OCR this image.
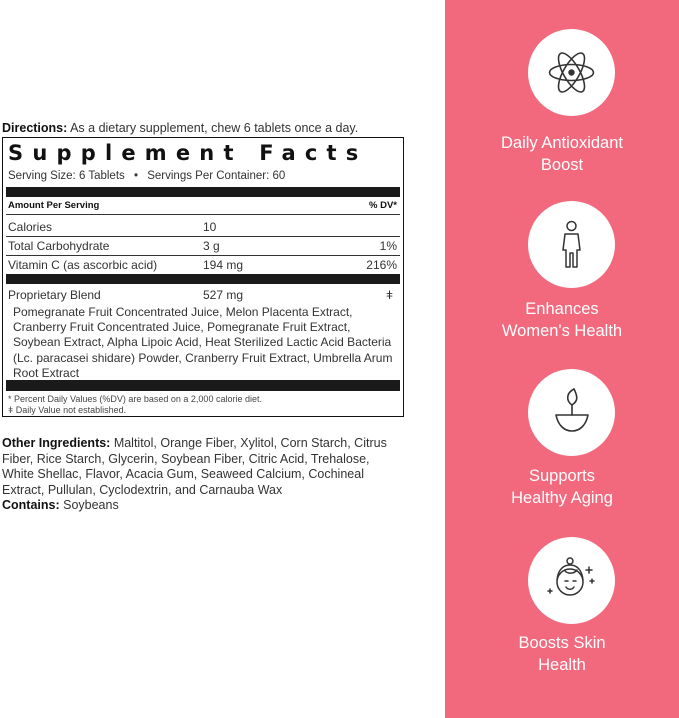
Directions: As a dietary supplement, chew 6 tablets once a day.
Supplement Facts
Serving Size: 6 Tablets • Servings Per Container: 60
Amount Per Serving	% DV*
Calories	10
Total Carbohydrate	3 g	1%
Vitamin C (as ascorbic acid)	194 mg	216%
Proprietary Blend	527 mg	ǂ
Pomegranate Fruit Concentrated Juice, Melon Placenta Extract, Cranberry Fruit Concentrated Juice, Pomegranate Fruit Extract, Soybean Extract, Alpha Lipoic Acid, Heat Sterilized Lactic Acid Bacteria (Lc. paracasei shidare) Powder, Cranberry Fruit Extract, Umbrella Arum Root Extract
* Percent Daily Values (%DV) are based on a 2,000 calorie diet.
ǂ Daily Value not established.
Other Ingredients: Maltitol, Orange Fiber, Xylitol, Corn Starch, Citrus Fiber, Rice Starch, Glycerin, Soybean Fiber, Citric Acid, Trehalose, White Shellac, Flavor, Acacia Gum, Seaweed Calcium, Cochineal Extract, Pullulan, Cyclodextrin, and Carnauba Wax
Contains: Soybeans
Daily Antioxidant
Boost
Enhances
Women's Health
Supports
Healthy Aging
Boosts Skin
Health
